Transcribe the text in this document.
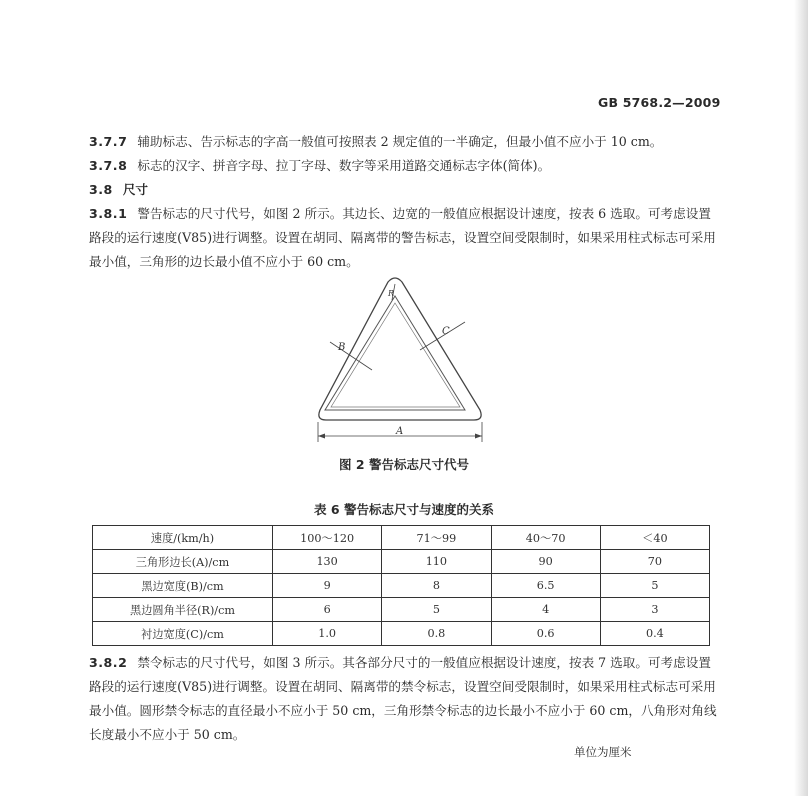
GB 5768.2—2009

3.7.7 辅助标志、告示标志的字高一般值可按照表 2 规定值的一半确定，但最小值不应小于 10 cm。

3.7.8 标志的汉字、拼音字母、拉丁字母、数字等采用道路交通标志字体(简体)。

3.8 尺寸

3.8.1 警告标志的尺寸代号，如图 2 所示。其边长、边宽的一般值应根据设计速度，按表 6 选取。可考虑设置路段的运行速度(V85)进行调整。设置在胡同、隔离带的警告标志，设置空间受限制时，如果采用柱式标志可采用最小值，三角形的边长最小值不应小于 60 cm。

R
B
C
A
图 2 警告标志尺寸代号
表 6 警告标志尺寸与速度的关系
速度/(km/h)	100～120	71～99	40～70	＜40
三角形边长(A)/cm	130	110	90	70
黑边宽度(B)/cm	9	8	6.5	5
黑边圆角半径(R)/cm	6	5	4	3
衬边宽度(C)/cm	1.0	0.8	0.6	0.4

3.8.2 禁令标志的尺寸代号，如图 3 所示。其各部分尺寸的一般值应根据设计速度，按表 7 选取。可考虑设置路段的运行速度(V85)进行调整。设置在胡同、隔离带的禁令标志，设置空间受限制时，如果采用柱式标志可采用最小值。圆形禁令标志的直径最小不应小于 50 cm，三角形禁令标志的边长最小不应小于 60 cm，八角形对角线长度最小不应小于 50 cm。

单位为厘米
